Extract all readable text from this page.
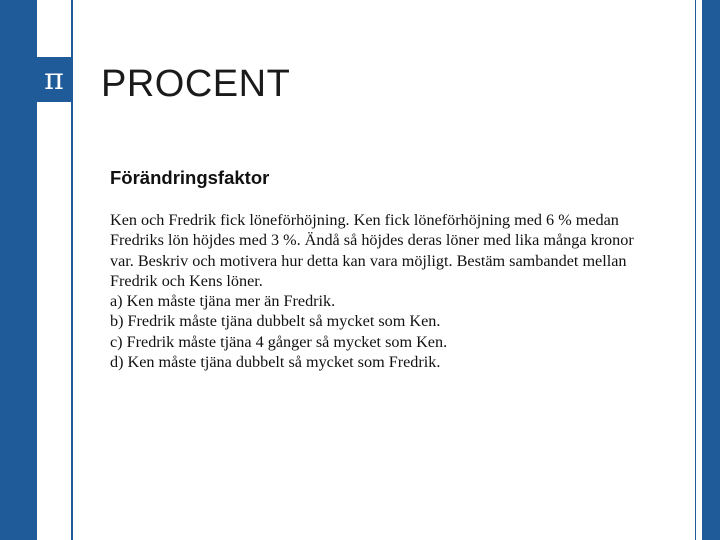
π PROCENT
Förändringsfaktor

Ken och Fredrik fick löneförhöjning. Ken fick löneförhöjning med 6 % medan
Fredriks lön höjdes med 3 %. Ändå så höjdes deras löner med lika många kronor
var. Beskriv och motivera hur detta kan vara möjligt. Bestäm sambandet mellan
Fredrik och Kens löner.

a) Ken måste tjäna mer än Fredrik.
b) Fredrik måste tjäna dubbelt så mycket som Ken.
c) Fredrik måste tjäna 4 gånger så mycket som Ken.
d) Ken måste tjäna dubbelt så mycket som Fredrik.
